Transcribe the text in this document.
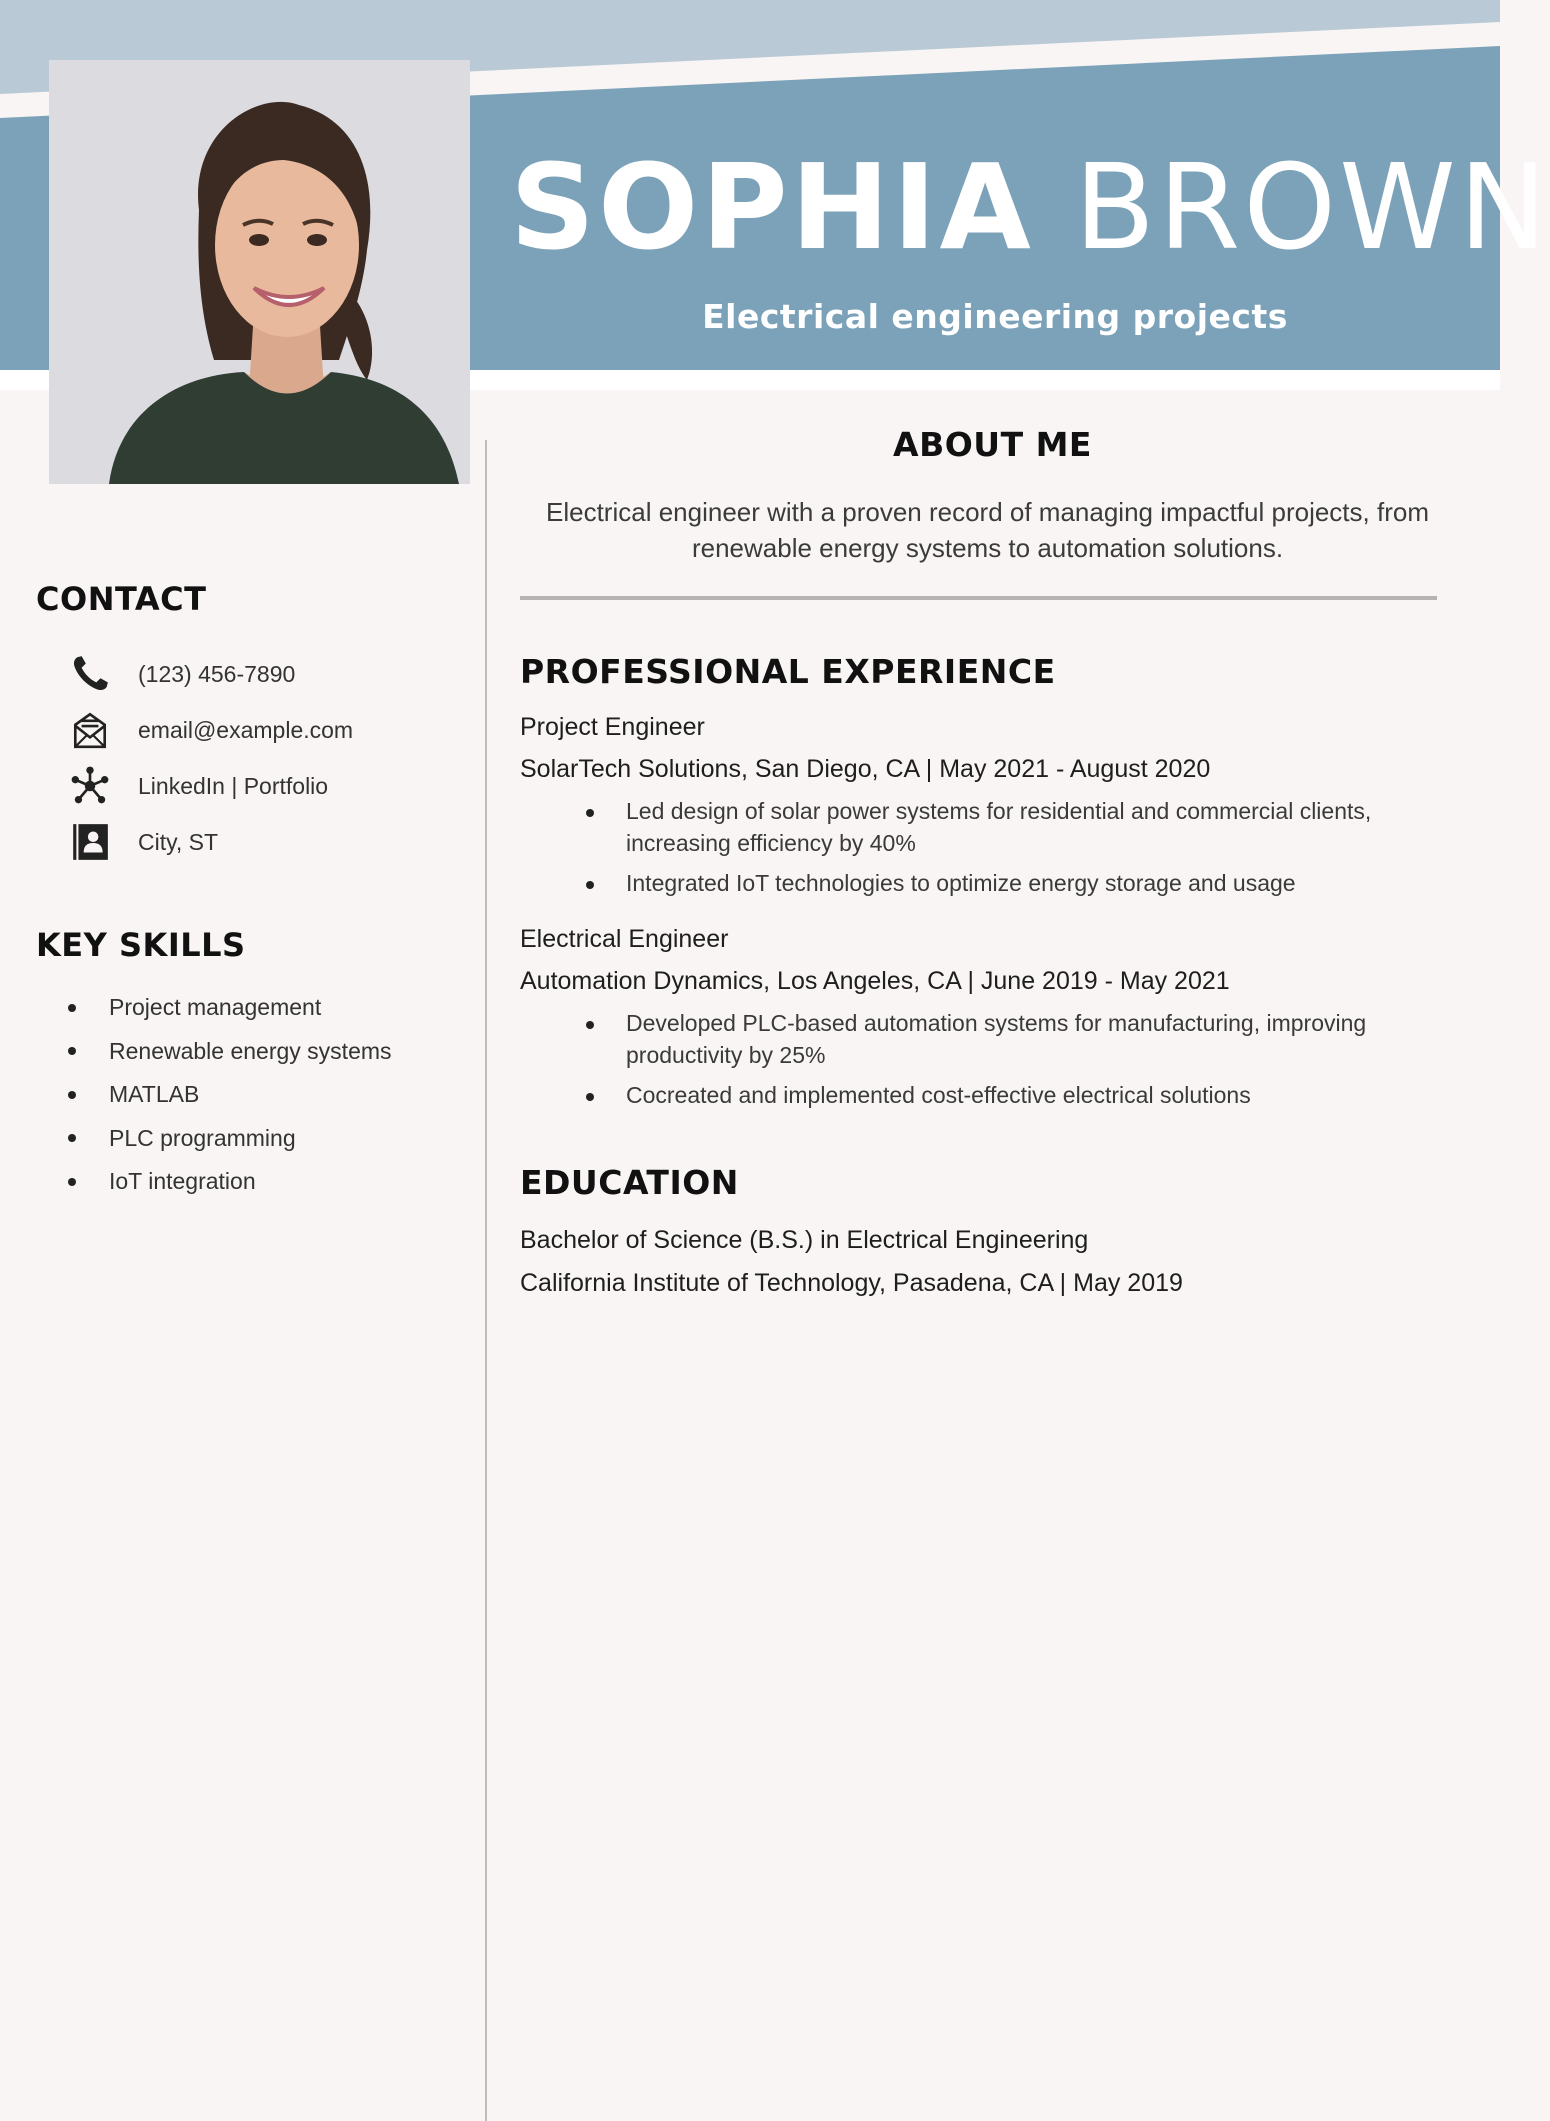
SOPHIA BROWN
Electrical engineering projects
CONTACT
(123) 456-7890
email@example.com
LinkedIn | Portfolio
City, ST
KEY SKILLS
Project management
Renewable energy systems
MATLAB
PLC programming
IoT integration
ABOUT ME

Electrical engineer with a proven record of managing impactful projects, from renewable energy systems to automation solutions.

PROFESSIONAL EXPERIENCE
Project Engineer
SolarTech Solutions, San Diego, CA | May 2021 - August 2020
Led design of solar power systems for residential and commercial clients, increasing efficiency by 40%
Integrated IoT technologies to optimize energy storage and usage
Electrical Engineer
Automation Dynamics, Los Angeles, CA | June 2019 - May 2021
Developed PLC-based automation systems for manufacturing, improving productivity by 25%
Cocreated and implemented cost-effective electrical solutions
EDUCATION
Bachelor of Science (B.S.) in Electrical Engineering
California Institute of Technology, Pasadena, CA | May 2019
